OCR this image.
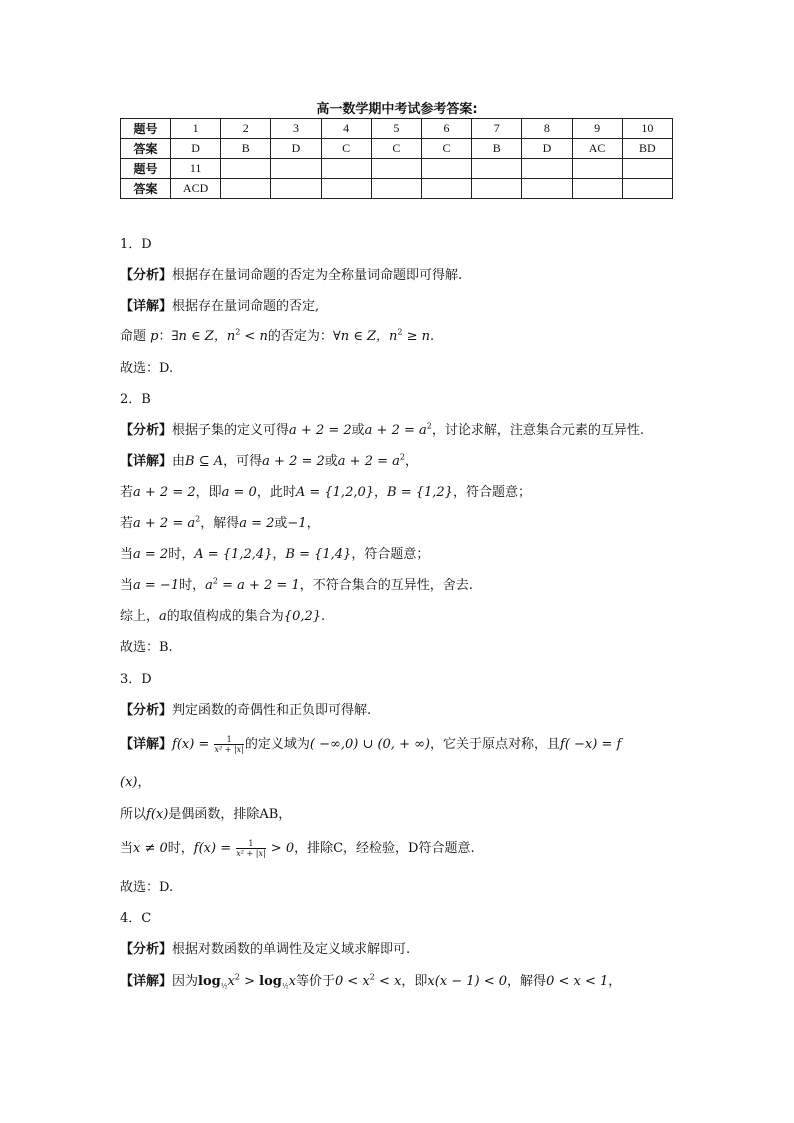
高一数学期中考试参考答案:
题号	1	2	3	4	5	6	7	8	9	10
答案	D	B	D	C	C	C	B	D	AC	BD
题号	11									
答案	ACD									
1．D
【分析】根据存在量词命题的否定为全称量词命题即可得解.
【详解】根据存在量词命题的否定,
命题 p：∃n ∈ Z，$n^2 < n$的否定为：∀n ∈ Z，$n^2 \ge n$.
故选：D.
2．B
【分析】根据子集的定义可得a + 2 = 2或$a + 2 = a^2$，讨论求解，注意集合元素的互异性.
【详解】由B ⊆ A，可得a + 2 = 2或$a + 2 = a^2$，
若a + 2 = 2，即a = 0，此时A = {1,2,0}，B = {1,2}，符合题意；
若$a + 2 = a^2$，解得a = 2或−1，
当a = 2时，A = {1,2,4}，B = {1,4}，符合题意；
当a = −1时，$a^2 = a + 2 = 1$，不符合集合的互异性，舍去.
综上，a的取值构成的集合为{0,2}.
故选：B.
3．D
【分析】判定函数的奇偶性和正负即可得解.
【详解】$f(x) = \frac{1}{\text{x² + |x|}}$ 的定义域为( −∞,0) ∪ (0, + ∞)，它关于原点对称，且f( −x) = f
(x)，
所以f(x)是偶函数，排除AB，
当x ≠ 0时，$f(x) = \frac{1}{\text{x² + |x|}} > 0$，排除C，经检验，D符合题意.
故选：D.
4．C
【分析】根据对数函数的单调性及定义域求解即可.
【详解】因为$\log_{\frac{1}{2}}x^2 > \log_{\frac{1}{2}}x$等价于$0 < x^2 < x$，即x(x − 1) < 0，解得0 < x < 1，
